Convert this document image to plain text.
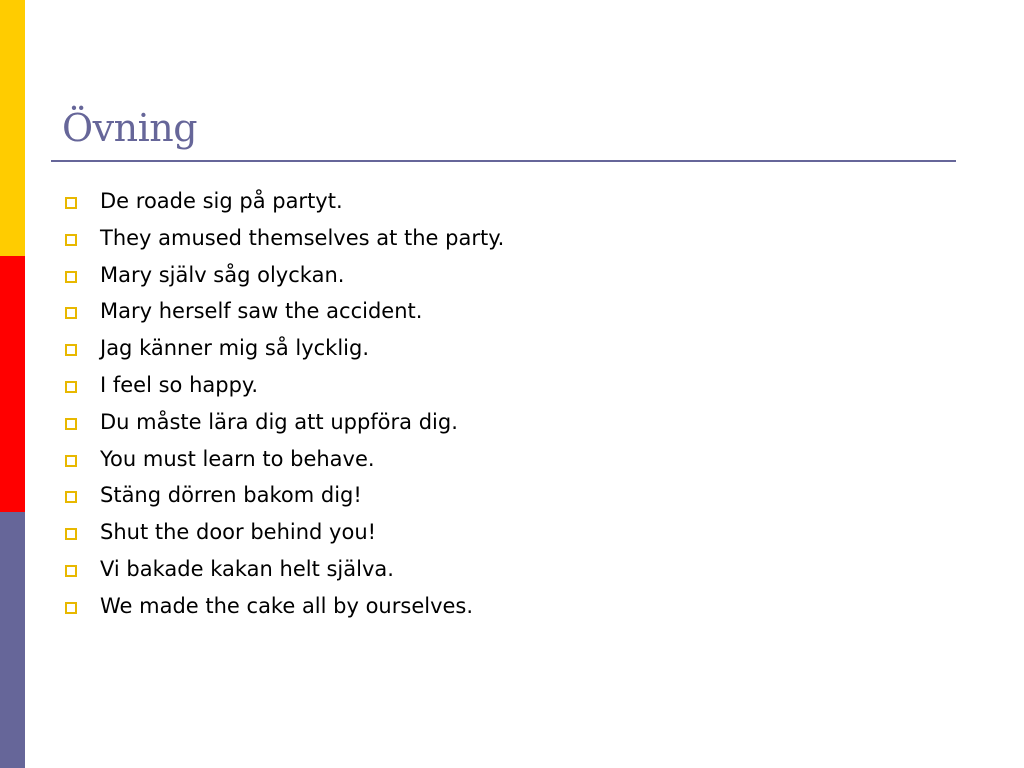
Övning
De roade sig på partyt.
They amused themselves at the party.
Mary själv såg olyckan.
Mary herself saw the accident.
Jag känner mig så lycklig.
I feel so happy.
Du måste lära dig att uppföra dig.
You must learn to behave.
Stäng dörren bakom dig!
Shut the door behind you!
Vi bakade kakan helt själva.
We made the cake all by ourselves.
